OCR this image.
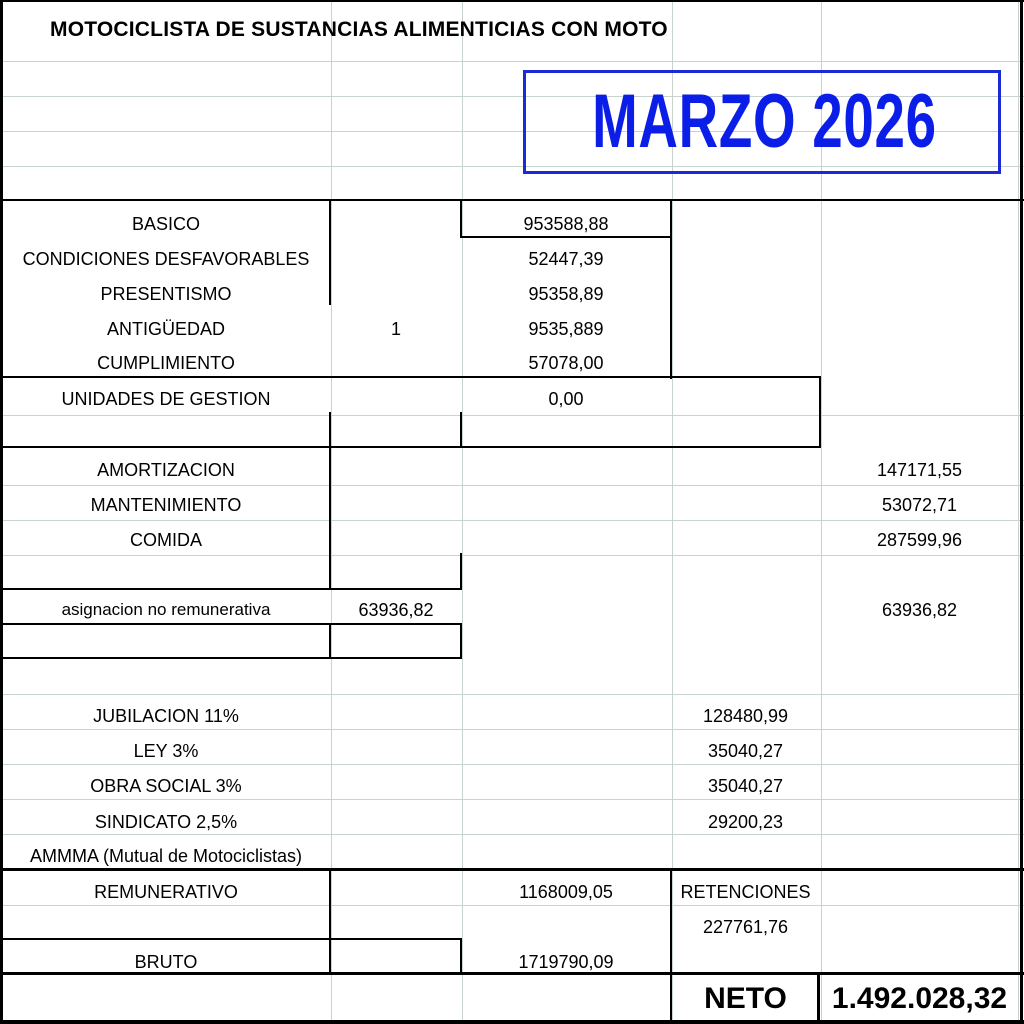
MOTOCICLISTA DE SUSTANCIAS ALIMENTICIAS CON MOTO
MARZO 2026
BASICO
CONDICIONES DESFAVORABLES
PRESENTISMO
ANTIGÜEDAD
CUMPLIMIENTO
UNIDADES DE GESTION
AMORTIZACION
MANTENIMIENTO
COMIDA
asignacion no remunerativa
JUBILACION 11%
LEY 3%
OBRA SOCIAL 3%
SINDICATO 2,5%
AMMMA (Mutual de Motociclistas)
REMUNERATIVO
BRUTO
1
63936,82
953588,88
52447,39
95358,89
9535,889
57078,00
0,00
1168009,05
1719790,09
128480,99
35040,27
35040,27
29200,23
RETENCIONES
227761,76
NETO
147171,55
53072,71
287599,96
63936,82
1.492.028,32
